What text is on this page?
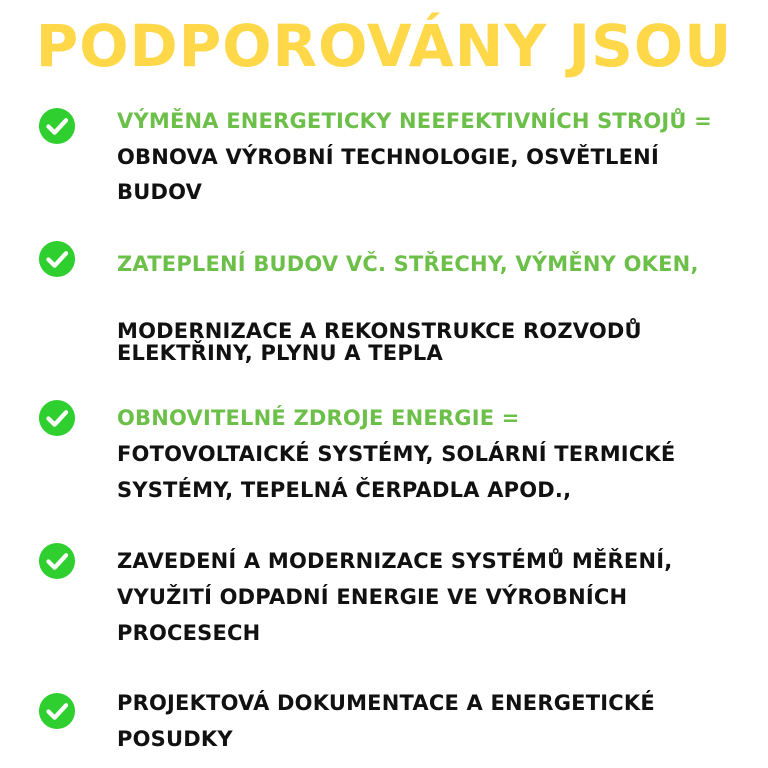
PODPOROVÁNY JSOU
VÝMĚNA ENERGETICKY NEEFEKTIVNÍCH STROJŮ =
OBNOVA VÝROBNÍ TECHNOLOGIE, OSVĚTLENÍ
BUDOV
ZATEPLENÍ BUDOV VČ. STŘECHY, VÝMĚNY OKEN,
MODERNIZACE A REKONSTRUKCE ROZVODŮ
ELEKTŘINY, PLYNU A TEPLA
OBNOVITELNÉ ZDROJE ENERGIE =
FOTOVOLTAICKÉ SYSTÉMY, SOLÁRNÍ TERMICKÉ
SYSTÉMY, TEPELNÁ ČERPADLA APOD.,
ZAVEDENÍ A MODERNIZACE SYSTÉMŮ MĚŘENÍ,
VYUŽITÍ ODPADNÍ ENERGIE VE VÝROBNÍCH
PROCESECH
PROJEKTOVÁ DOKUMENTACE A ENERGETICKÉ
POSUDKY
